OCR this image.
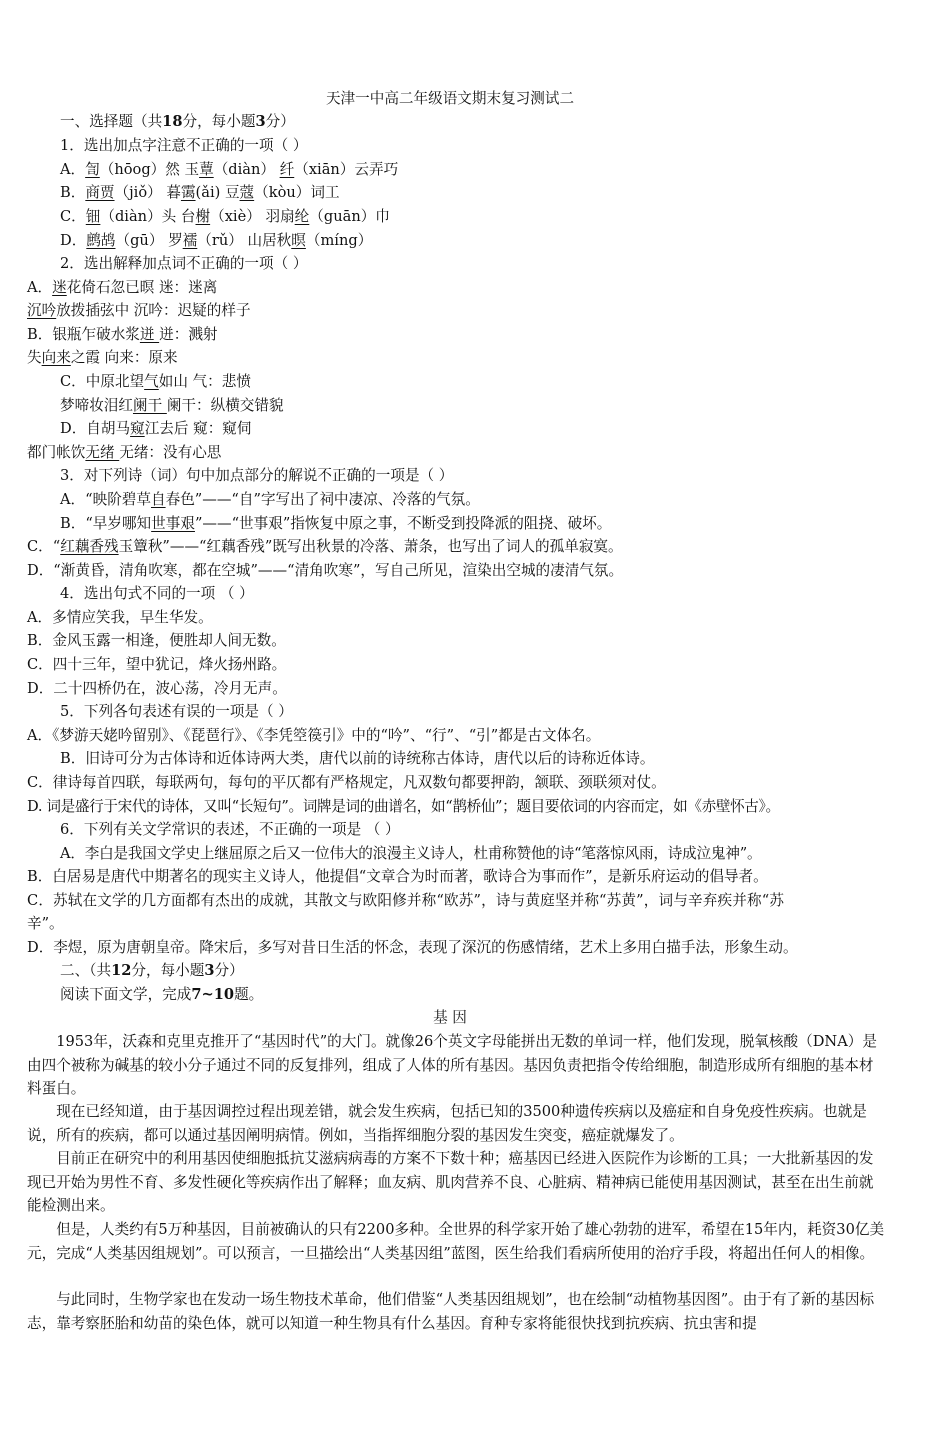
天津一中高二年级语文期末复习测试二
一、选择题（共18分，每小题3分）
1．选出加点字注意不正确的一项（ ）
A．訇（hōog）然 玉蕈（diàn） 纤（xiān）云弄巧
B．商贾（jiǒ） 暮霭(ǎi) 豆蔻（kòu）词工
C．钿（diàn）头 台榭（xiè） 羽扇纶（guān）巾
D．鹧鸪（gū） 罗襦（rǔ） 山居秋暝（míng）
2．选出解释加点词不正确的一项（ ）
A．迷花倚石忽已暝 迷：迷离
沉吟放拨插弦中 沉吟：迟疑的样子
B．银瓶乍破水浆迸 迸：溅射
失向来之霞 向来：原来
C．中原北望气如山 气：悲愤
梦啼妆泪红阑干 阑干：纵横交错貌
D．自胡马窥江去后 窥：窥伺
都门帐饮无绪 无绪：没有心思
3．对下列诗（词）句中加点部分的解说不正确的一项是（ ）
A．“映阶碧草自春色”——“自”字写出了祠中凄凉、冷落的气氛。
B．“早岁哪知世事艰”——“世事艰”指恢复中原之事，不断受到投降派的阻挠、破坏。
C．“红藕香残玉簟秋”——“红藕香残”既写出秋景的冷落、萧条，也写出了词人的孤单寂寞。
D．“渐黄昏，清角吹寒，都在空城”——“清角吹寒”，写自己所见，渲染出空城的凄清气氛。
4．选出句式不同的一项 （ ）
A．多情应笑我，早生华发。
B．金风玉露一相逢，便胜却人间无数。
C．四十三年，望中犹记，烽火扬州路。
D．二十四桥仍在，波心荡，冷月无声。
5．下列各句表述有误的一项是（ ）
A．《梦游天姥吟留别》、《琵琶行》、《李凭箜篌引》中的“吟”、“行”、“引”都是古文体名。
B．旧诗可分为古体诗和近体诗两大类，唐代以前的诗统称古体诗，唐代以后的诗称近体诗。
C．律诗每首四联，每联两句，每句的平仄都有严格规定，凡双数句都要押韵，颔联、颈联须对仗。
D. 词是盛行于宋代的诗体，又叫“长短句”。词牌是词的曲谱名，如“鹊桥仙”；题目要依词的内容而定，如《赤壁怀古》。
6．下列有关文学常识的表述，不正确的一项是 （ ）
A．李白是我国文学史上继屈原之后又一位伟大的浪漫主义诗人，杜甫称赞他的诗“笔落惊风雨，诗成泣鬼神”。
B．白居易是唐代中期著名的现实主义诗人，他提倡“文章合为时而著，歌诗合为事而作”，是新乐府运动的倡导者。
C．苏轼在文学的几方面都有杰出的成就，其散文与欧阳修并称“欧苏”，诗与黄庭坚并称“苏黄”，词与辛弃疾并称“苏
辛”。
D．李煜，原为唐朝皇帝。降宋后，多写对昔日生活的怀念，表现了深沉的伤感情绪，艺术上多用白描手法，形象生动。
二、（共12分，每小题3分）
阅读下面文学，完成7~10题。
基 因
1953年，沃森和克里克推开了“基因时代”的大门。就像26个英文字母能拼出无数的单词一样，他们发现，脱氧核酸（DNA）是由四个被称为碱基的较小分子通过不同的反复排列，组成了人体的所有基因。基因负责把指令传给细胞，制造形成所有细胞的基本材料蛋白。
现在已经知道，由于基因调控过程出现差错，就会发生疾病，包括已知的3500种遗传疾病以及癌症和自身免疫性疾病。也就是说，所有的疾病，都可以通过基因阐明病情。例如，当指挥细胞分裂的基因发生突变，癌症就爆发了。
目前正在研究中的利用基因使细胞抵抗艾滋病病毒的方案不下数十种；癌基因已经进入医院作为诊断的工具；一大批新基因的发现已开始为男性不育、多发性硬化等疾病作出了解释；血友病、肌肉营养不良、心脏病、精神病已能使用基因测试，甚至在出生前就能检测出来。
但是，人类约有5万种基因，目前被确认的只有2200多种。全世界的科学家开始了雄心勃勃的进军，希望在15年内，耗资30亿美元，完成“人类基因组规划”。可以预言，一旦描绘出“人类基因组”蓝图，医生给我们看病所使用的治疗手段，将超出任何人的相像。
与此同时，生物学家也在发动一场生物技术革命，他们借鉴“人类基因组规划”，也在绘制“动植物基因图”。由于有了新的基因标志，靠考察胚胎和幼苗的染色体，就可以知道一种生物具有什么基因。育种专家将能很快找到抗疾病、抗虫害和提
